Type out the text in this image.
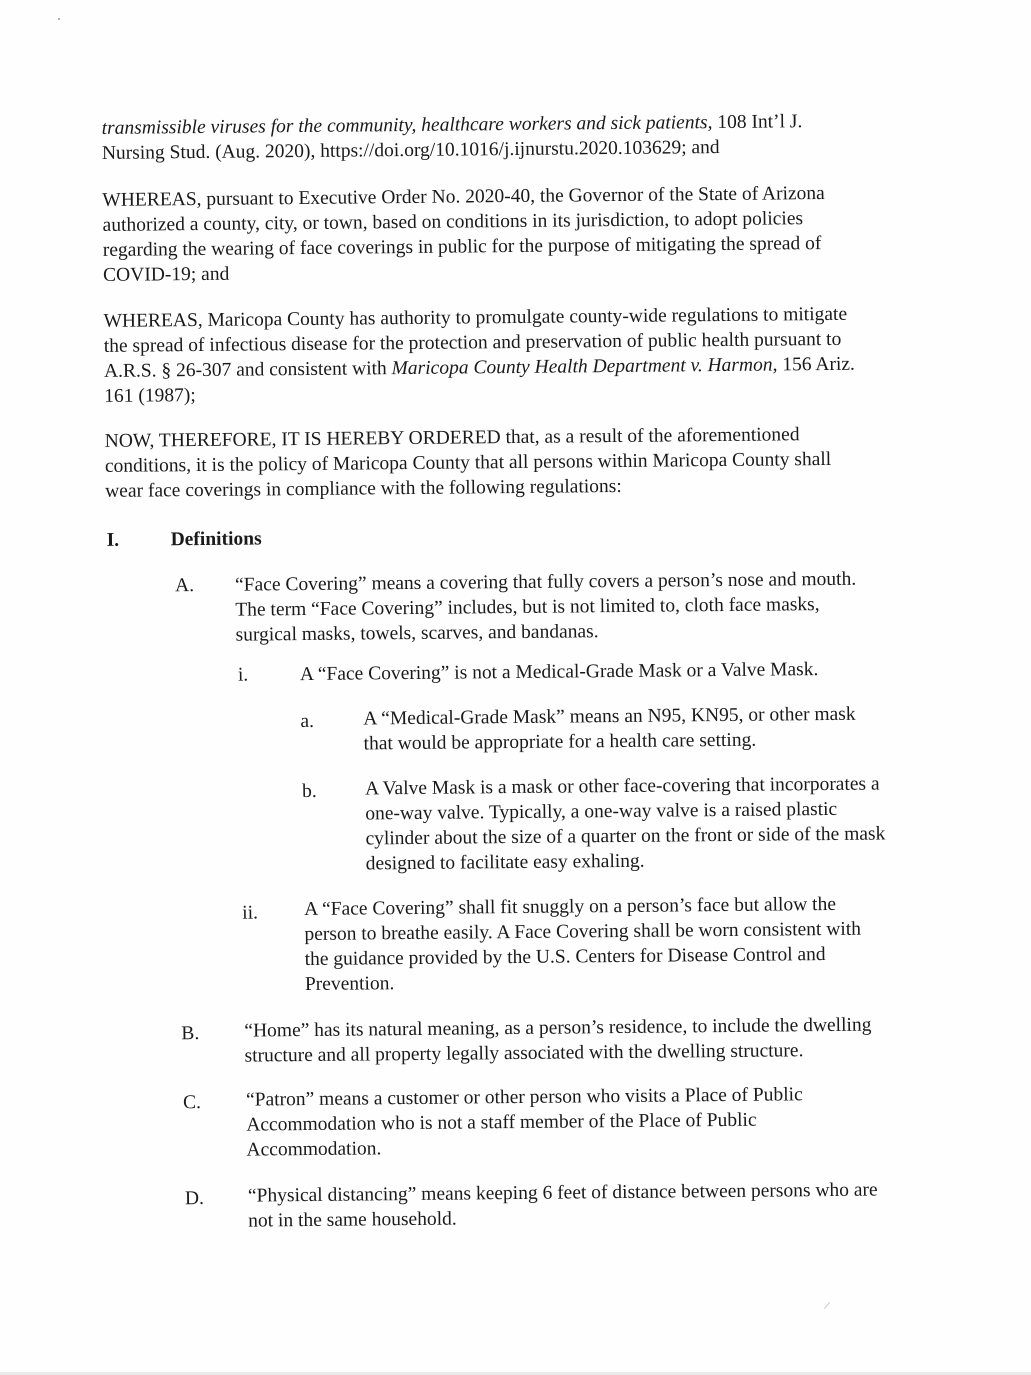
transmissible viruses for the community, healthcare workers and sick patients, 108 Int’l J.
Nursing Stud. (Aug. 2020), https://doi.org/10.1016/j.ijnurstu.2020.103629; and
WHEREAS, pursuant to Executive Order No. 2020-40, the Governor of the State of Arizona
authorized a county, city, or town, based on conditions in its jurisdiction, to adopt policies
regarding the wearing of face coverings in public for the purpose of mitigating the spread of
COVID-19; and
WHEREAS, Maricopa County has authority to promulgate county-wide regulations to mitigate
the spread of infectious disease for the protection and preservation of public health pursuant to
A.R.S. § 26-307 and consistent with Maricopa County Health Department v. Harmon, 156 Ariz.
161 (1987);
NOW, THEREFORE, IT IS HEREBY ORDERED that, as a result of the aforementioned
conditions, it is the policy of Maricopa County that all persons within Maricopa County shall
wear face coverings in compliance with the following regulations:
I.	Definitions
A. “Face Covering” means a covering that fully covers a person’s nose and mouth.
The term “Face Covering” includes, but is not limited to, cloth face masks,
surgical masks, towels, scarves, and bandanas.
i.	A “Face Covering” is not a Medical-Grade Mask or a Valve Mask.
a.	A “Medical-Grade Mask” means an N95, KN95, or other mask
that would be appropriate for a health care setting.
b. A Valve Mask is a mask or other face-covering that incorporates a
one-way valve. Typically, a one-way valve is a raised plastic
cylinder about the size of a quarter on the front or side of the mask
designed to facilitate easy exhaling.
ii. A “Face Covering” shall fit snuggly on a person’s face but allow the
person to breathe easily. A Face Covering shall be worn consistent with
the guidance provided by the U.S. Centers for Disease Control and
Prevention.
B. “Home” has its natural meaning, as a person’s residence, to include the dwelling
structure and all property legally associated with the dwelling structure.
C. “Patron” means a customer or other person who visits a Place of Public
Accommodation who is not a staff member of the Place of Public
Accommodation.
D. “Physical distancing” means keeping 6 feet of distance between persons who are
not in the same household.
